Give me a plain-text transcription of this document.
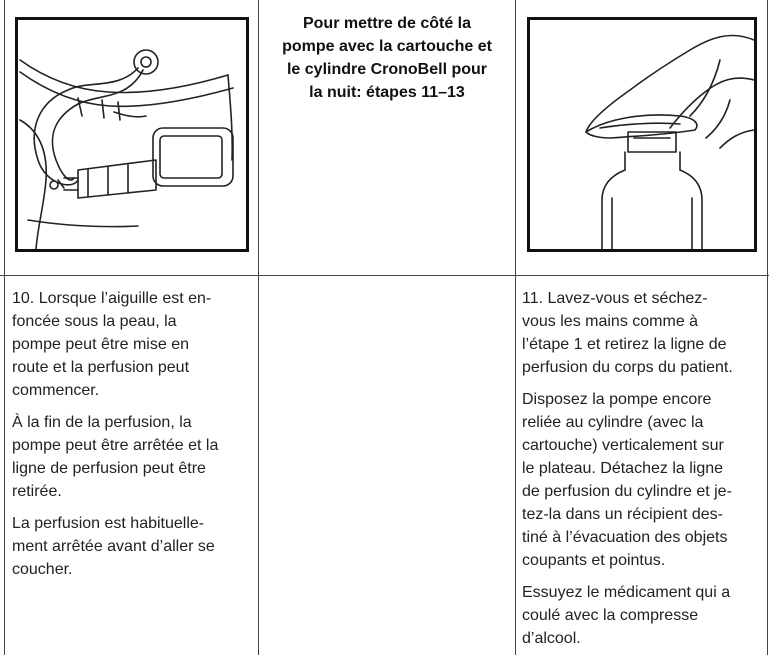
Pour mettre de côté la
pompe avec la cartouche et
le cylindre CronoBell pour
la nuit: étapes 11–13

10. Lorsque l’aiguille est en-
foncée sous la peau, la
pompe peut être mise en
route et la perfusion peut
commencer.

À la fin de la perfusion, la
pompe peut être arrêtée et la
ligne de perfusion peut être
retirée.

La perfusion est habituelle-
ment arrêtée avant d’aller se
coucher.

11. Lavez-vous et séchez-
vous les mains comme à
l’étape 1 et retirez la ligne de
perfusion du corps du patient.

Disposez la pompe encore
reliée au cylindre (avec la
cartouche) verticalement sur
le plateau. Détachez la ligne
de perfusion du cylindre et je-
tez-la dans un récipient des-
tiné à l’évacuation des objets
coupants et pointus.

Essuyez le médicament qui a
coulé avec la compresse
d’alcool.
